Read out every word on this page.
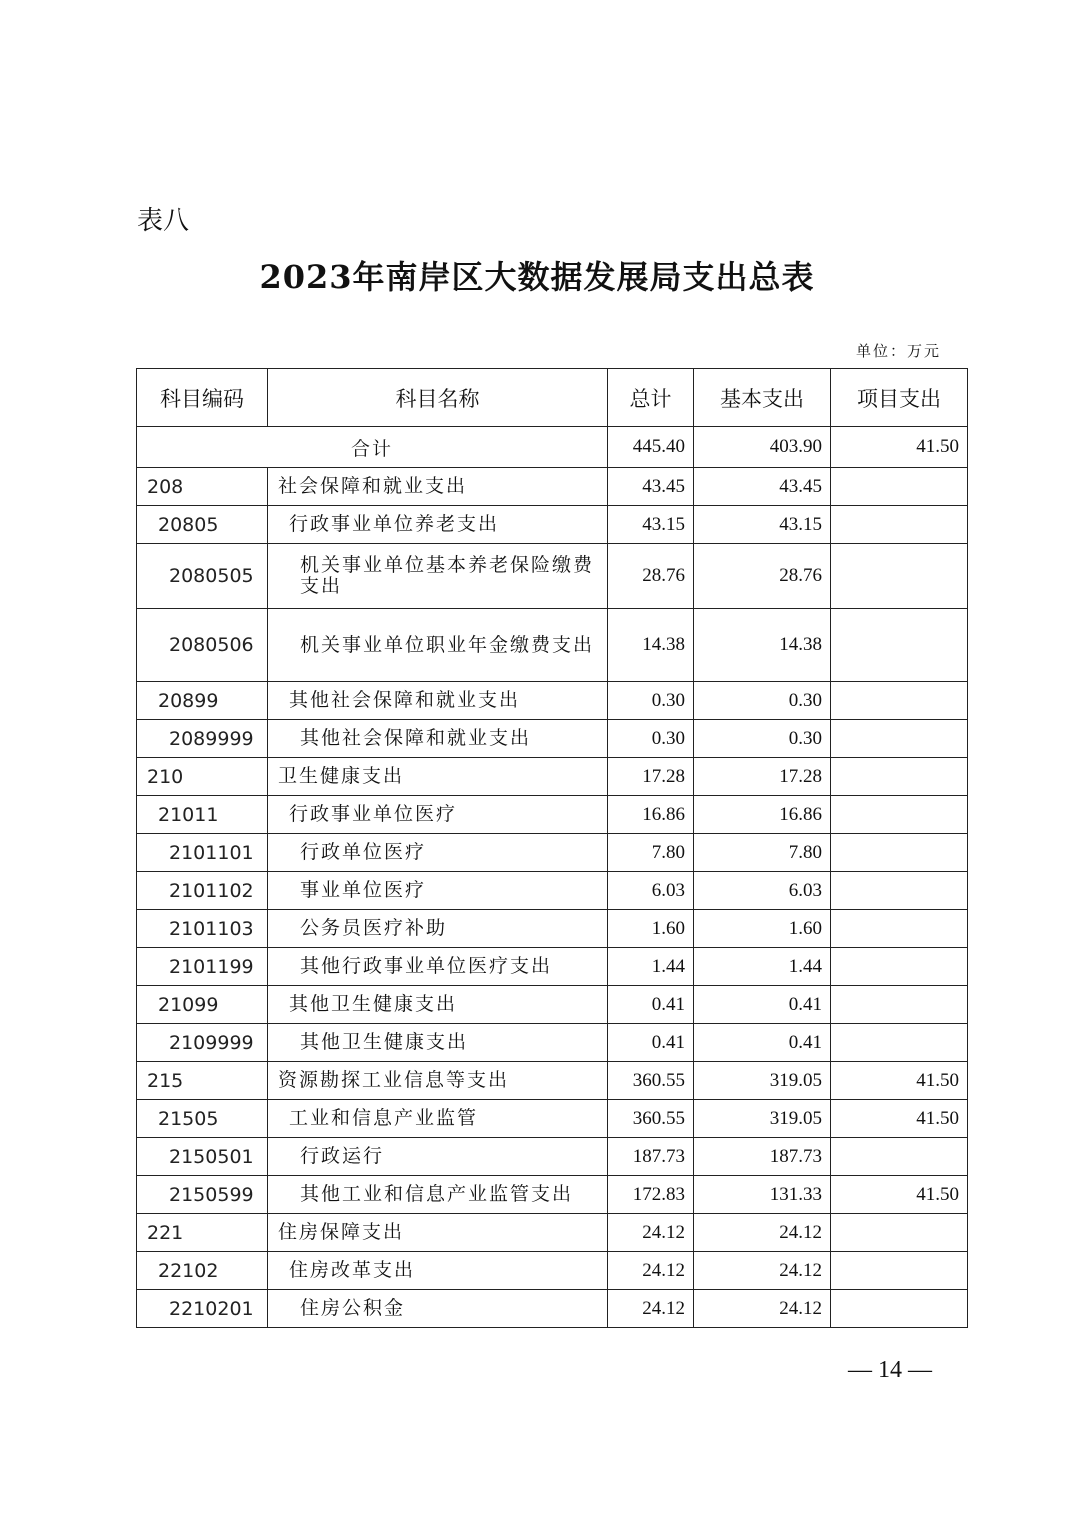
表八
2023年南岸区大数据发展局支出总表
单位：万元
科目编码	科目名称	总计	基本支出	项目支出
合计		445.40	403.90	41.50
208	社会保障和就业支出	43.45	43.45	
20805	行政事业单位养老支出	43.15	43.15	
2080505	机关事业单位基本养老保险缴费支出	28.76	28.76	
2080506	机关事业单位职业年金缴费支出	14.38	14.38	
20899	其他社会保障和就业支出	0.30	0.30	
2089999	其他社会保障和就业支出	0.30	0.30	
210	卫生健康支出	17.28	17.28	
21011	行政事业单位医疗	16.86	16.86	
2101101	行政单位医疗	7.80	7.80	
2101102	事业单位医疗	6.03	6.03	
2101103	公务员医疗补助	1.60	1.60	
2101199	其他行政事业单位医疗支出	1.44	1.44	
21099	其他卫生健康支出	0.41	0.41	
2109999	其他卫生健康支出	0.41	0.41	
215	资源勘探工业信息等支出	360.55	319.05	41.50
21505	工业和信息产业监管	360.55	319.05	41.50
2150501	行政运行	187.73	187.73	
2150599	其他工业和信息产业监管支出	172.83	131.33	41.50
221	住房保障支出	24.12	24.12	
22102	住房改革支出	24.12	24.12	
2210201	住房公积金	24.12	24.12	
— 14 —
